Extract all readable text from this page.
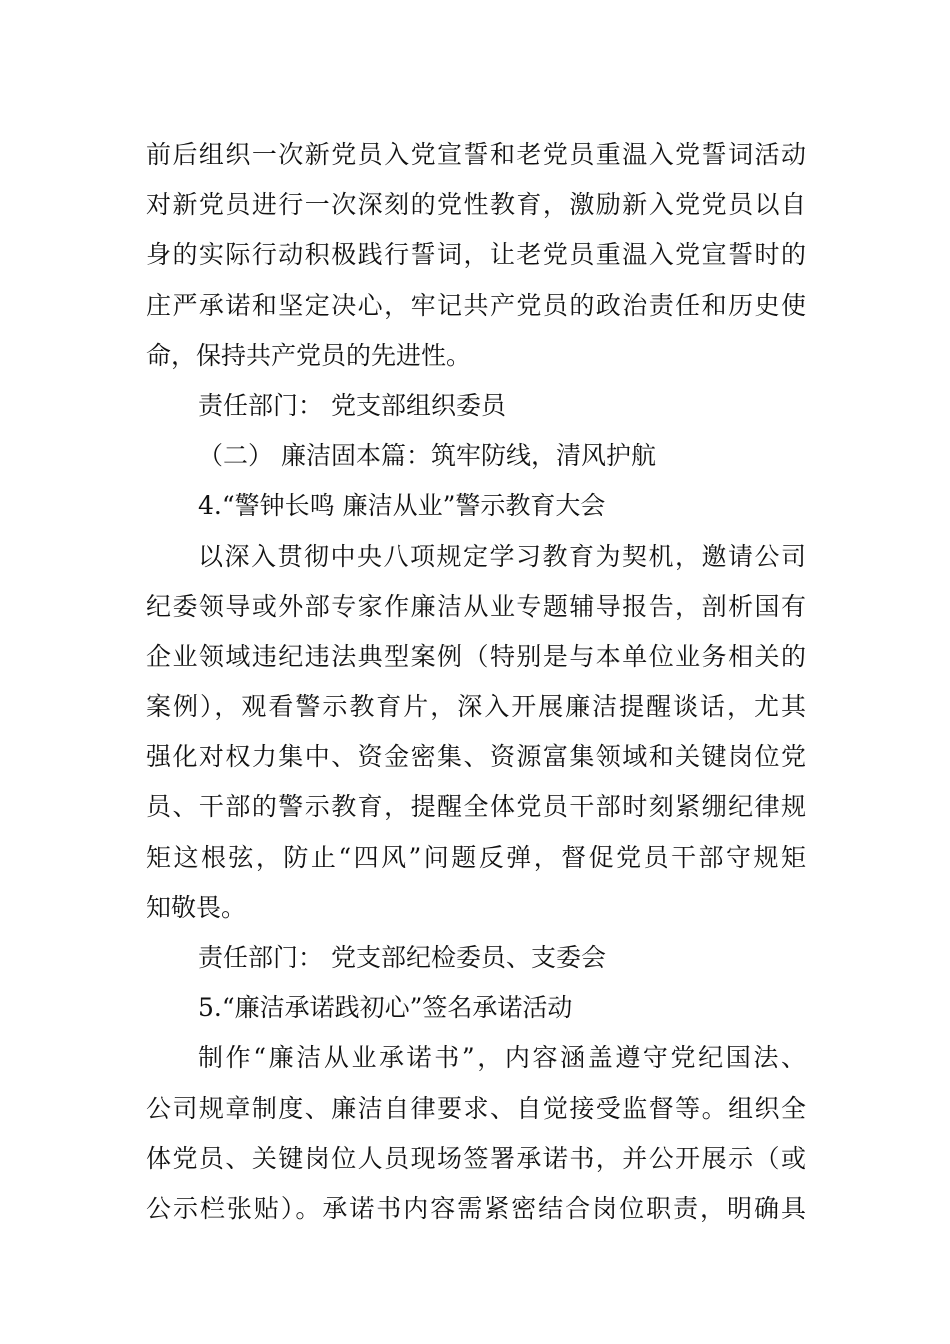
前后组织一次新党员入党宣誓和老党员重温入党誓词活动
对新党员进行一次深刻的党性教育，激励新入党党员以自
身的实际行动积极践行誓词，让老党员重温入党宣誓时的
庄严承诺和坚定决心，牢记共产党员的政治责任和历史使
命，保持共产党员的先进性。
责任部门： 党支部组织委员
（二） 廉洁固本篇：筑牢防线，清风护航
4.“警钟长鸣 廉洁从业”警示教育大会
以深入贯彻中央八项规定学习教育为契机，邀请公司
纪委领导或外部专家作廉洁从业专题辅导报告，剖析国有
企业领域违纪违法典型案例（特别是与本单位业务相关的
案例），观看警示教育片，深入开展廉洁提醒谈话，尤其
强化对权力集中、资金密集、资源富集领域和关键岗位党
员、干部的警示教育，提醒全体党员干部时刻紧绷纪律规
矩这根弦，防止“四风”问题反弹，督促党员干部守规矩
知敬畏。
责任部门： 党支部纪检委员、支委会
5.“廉洁承诺践初心”签名承诺活动
制作“廉洁从业承诺书”，内容涵盖遵守党纪国法、
公司规章制度、廉洁自律要求、自觉接受监督等。组织全
体党员、关键岗位人员现场签署承诺书，并公开展示（或
公示栏张贴）。承诺书内容需紧密结合岗位职责，明确具
